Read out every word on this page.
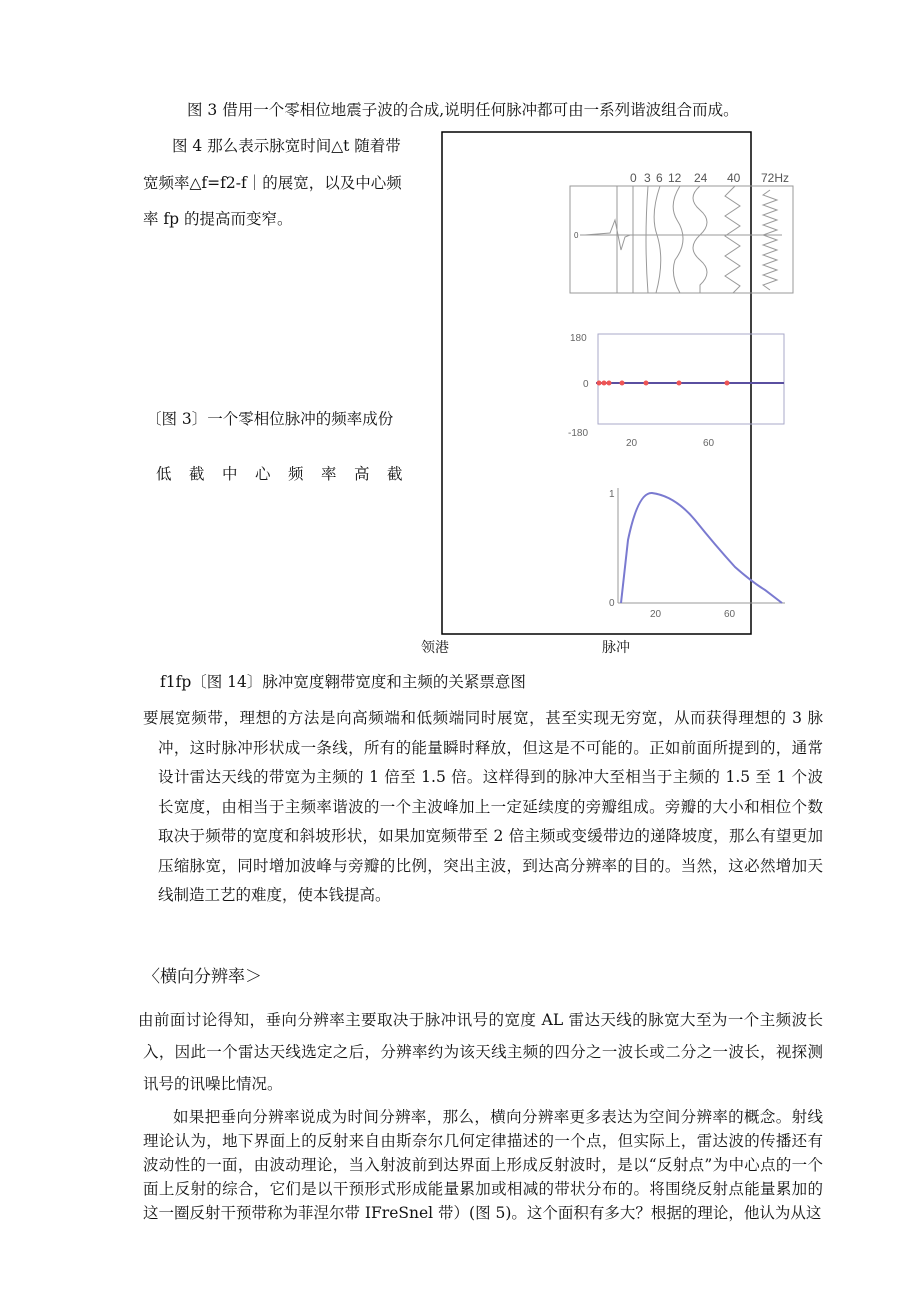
图 3 借用一个零相位地震子波的合成,说明任何脉冲都可由一系列谐波组合而成。
图 4 那么表示脉宽时间△t 随着带
宽频率△f=f2-f｜的展宽，以及中心频
率 fp 的提高而变窄。
〔图 3〕一个零相位脉冲的频率成份
低　截　中　心　频　率　高　截
0 3 6 12 24 40 72Hz
0
180
0
-180
20	60
1
0
20	60
领港	脉冲
f1fp〔图 14〕脉冲宽度翱带宽度和主频的关紧票意图
要展宽频带，理想的方法是向高频端和低频端同时展宽，甚至实现无穷宽，从而获得理想的 3 脉冲，这时脉冲形状成一条线，所有的能量瞬时释放，但这是不可能的。正如前面所提到的，通常设计雷达天线的带宽为主频的 1 倍至 1.5 倍。这样得到的脉冲大至相当于主频的 1.5 至 1 个波长宽度，由相当于主频率谐波的一个主波峰加上一定延续度的旁瓣组成。旁瓣的大小和相位个数取决于频带的宽度和斜坡形状，如果加宽频带至 2 倍主频或变缓带边的递降坡度，那么有望更加压缩脉宽，同时增加波峰与旁瓣的比例，突出主波，到达高分辨率的目的。当然，这必然增加天线制造工艺的难度，使本钱提高。
〈横向分辨率＞
由前面讨论得知，垂向分辨率主要取决于脉冲讯号的宽度 AL 雷达天线的脉宽大至为一个主频波长入，因此一个雷达天线选定之后，分辨率约为该天线主频的四分之一波长或二分之一波长，视探测讯号的讯噪比情况。
如果把垂向分辨率说成为时间分辨率，那么，横向分辨率更多表达为空间分辨率的概念。射线理论认为，地下界面上的反射来自由斯奈尔几何定律描述的一个点，但实际上，雷达波的传播还有波动性的一面，由波动理论，当入射波前到达界面上形成反射波时，是以“反射点”为中心点的一个面上反射的综合，它们是以干预形式形成能量累加或相减的带状分布的。将围绕反射点能量累加的这一圈反射干预带称为菲涅尔带 IFreSnel 带）(图 5)。这个面积有多大？根据的理论，他认为从这
